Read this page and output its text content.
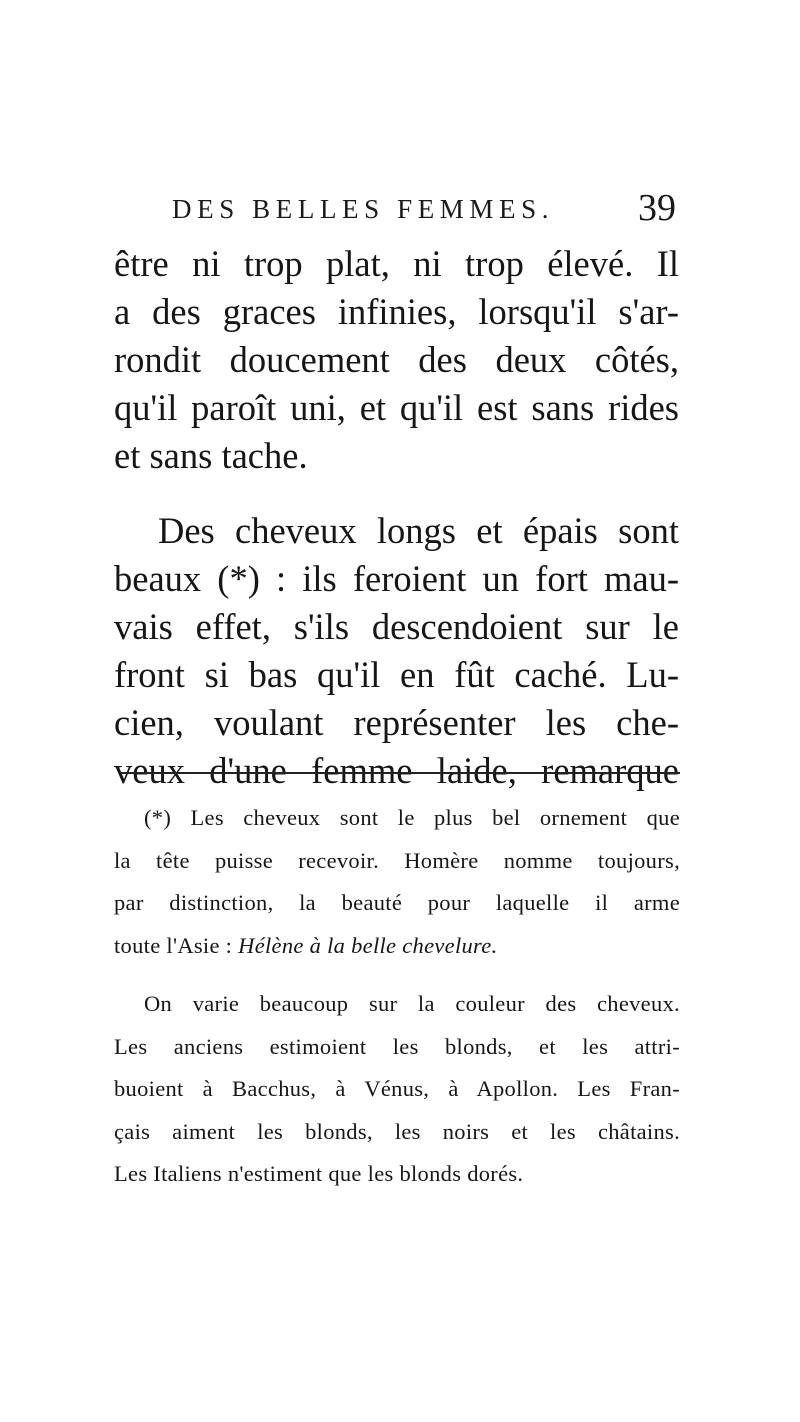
DES BELLES FEMMES. 39
être ni trop plat, ni trop élevé. Il
a des graces infinies, lorsqu'il s'ar-
rondit doucement des deux côtés,
qu'il paroît uni, et qu'il est sans rides
et sans tache.
Des cheveux longs et épais sont
beaux (*) : ils feroient un fort mau-
vais effet, s'ils descendoient sur le
front si bas qu'il en fût caché. Lu-
cien, voulant représenter les che-
veux d'une femme laide, remarque
(*) Les cheveux sont le plus bel ornement que
la tête puisse recevoir. Homère nomme toujours,
par distinction, la beauté pour laquelle il arme
toute l'Asie : Hélène à la belle chevelure.
On varie beaucoup sur la couleur des cheveux.
Les anciens estimoient les blonds, et les attri-
buoient à Bacchus, à Vénus, à Apollon. Les Fran-
çais aiment les blonds, les noirs et les châtains.
Les Italiens n'estiment que les blonds dorés.
